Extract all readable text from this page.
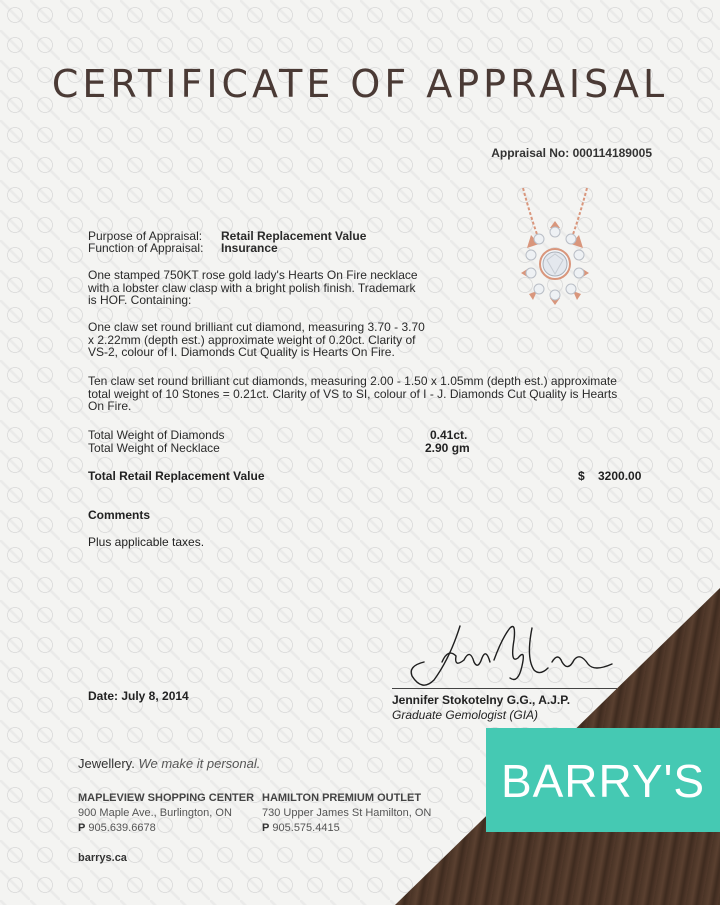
CERTIFICATE OF APPRAISAL
Appraisal No: 000114189005
Purpose of Appraisal: Retail Replacement Value
Function of Appraisal: Insurance
One stamped 750KT rose gold lady's Hearts On Fire necklace
with a lobster claw clasp with a bright polish finish. Trademark
is HOF. Containing:
One claw set round brilliant cut diamond, measuring 3.70 - 3.70
x 2.22mm (depth est.) approximate weight of 0.20ct. Clarity of
VS-2, colour of I. Diamonds Cut Quality is Hearts On Fire.
Ten claw set round brilliant cut diamonds, measuring 2.00 - 1.50 x 1.05mm (depth est.) approximate
total weight of 10 Stones = 0.21ct. Clarity of VS to SI, colour of I - J. Diamonds Cut Quality is Hearts
On Fire.
Total Weight of Diamonds	0.41ct.
Total Weight of Necklace	2.90 gm
Total Retail Replacement Value	$    3200.00
Comments
Plus applicable taxes.
Date: July 8, 2014	Jennifer Stokotelny G.G., A.J.P.
Graduate Gemologist (GIA)
BARRY'S
Jewellery. We make it personal.
MAPLEVIEW SHOPPING CENTER
900 Maple Ave., Burlington, ON
P 905.639.6678
HAMILTON PREMIUM OUTLET
730 Upper James St Hamilton, ON
P 905.575.4415
barrys.ca
